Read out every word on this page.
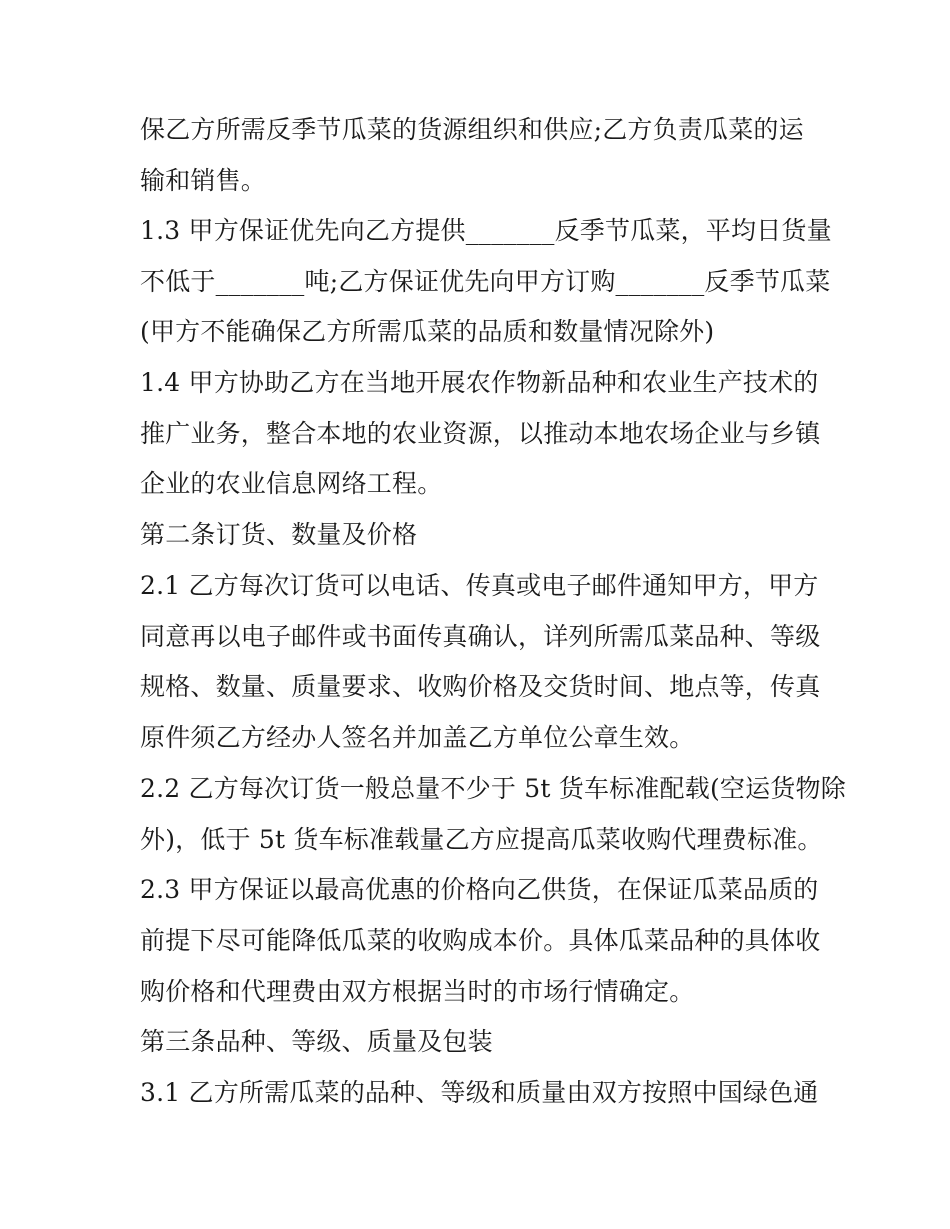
保乙方所需反季节瓜菜的货源组织和供应;乙方负责瓜菜的运
输和销售。
1.3 甲方保证优先向乙方提供_______反季节瓜菜，平均日货量
不低于_______吨;乙方保证优先向甲方订购_______反季节瓜菜
(甲方不能确保乙方所需瓜菜的品质和数量情况除外)
1.4 甲方协助乙方在当地开展农作物新品种和农业生产技术的
推广业务，整合本地的农业资源，以推动本地农场企业与乡镇
企业的农业信息网络工程。
第二条订货、数量及价格
2.1 乙方每次订货可以电话、传真或电子邮件通知甲方，甲方
同意再以电子邮件或书面传真确认，详列所需瓜菜品种、等级
规格、数量、质量要求、收购价格及交货时间、地点等，传真
原件须乙方经办人签名并加盖乙方单位公章生效。
2.2 乙方每次订货一般总量不少于 5t 货车标准配载(空运货物除
外)，低于 5t 货车标准载量乙方应提高瓜菜收购代理费标准。
2.3 甲方保证以最高优惠的价格向乙供货，在保证瓜菜品质的
前提下尽可能降低瓜菜的收购成本价。具体瓜菜品种的具体收
购价格和代理费由双方根据当时的市场行情确定。
第三条品种、等级、质量及包装
3.1 乙方所需瓜菜的品种、等级和质量由双方按照中国绿色通
